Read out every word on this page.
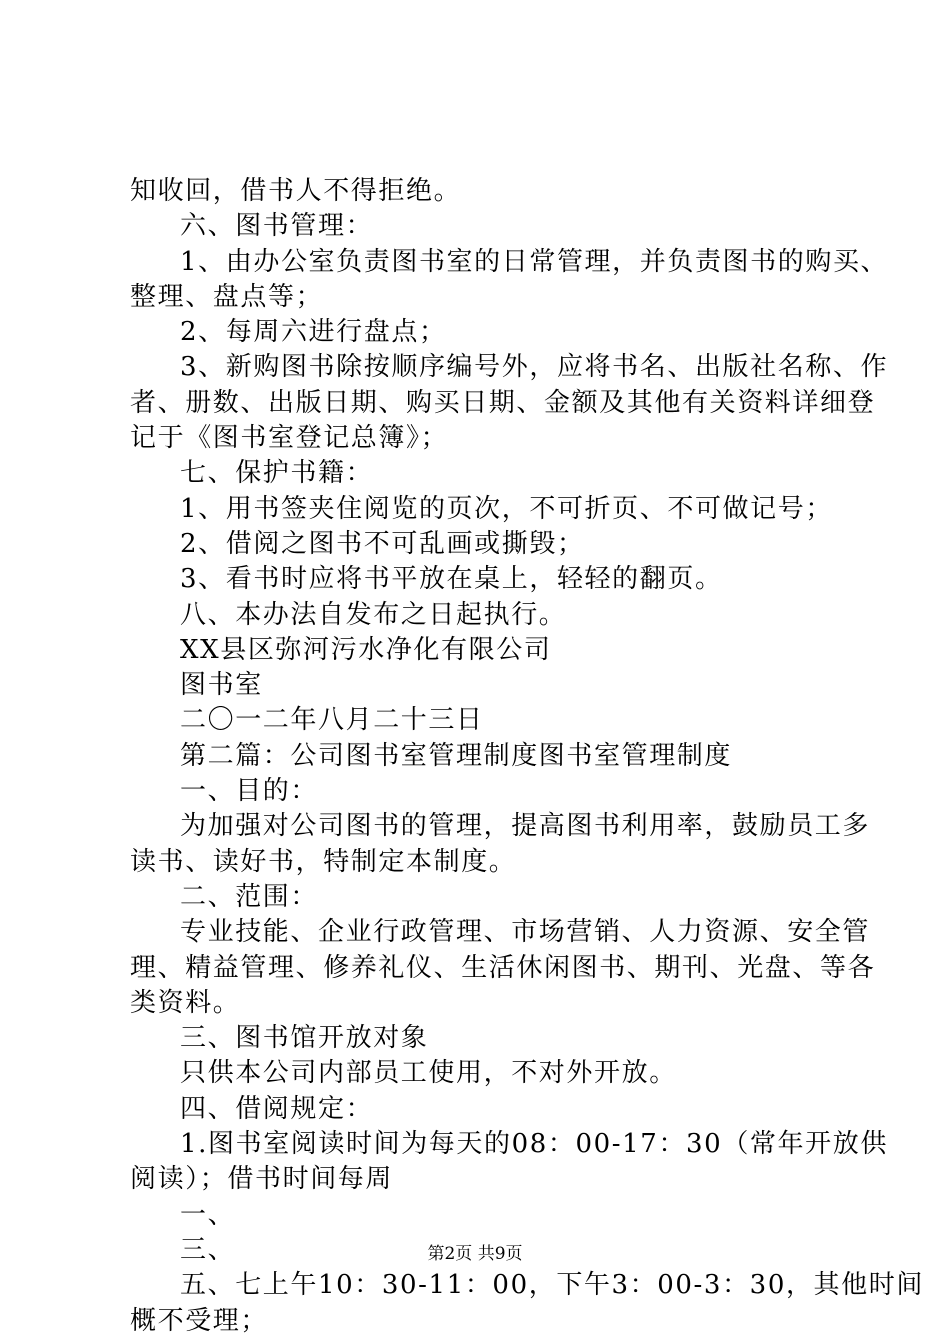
知收回，借书人不得拒绝。
六、图书管理：
1、由办公室负责图书室的日常管理，并负责图书的购买、
整理、盘点等；
2、每周六进行盘点；
3、新购图书除按顺序编号外，应将书名、出版社名称、作
者、册数、出版日期、购买日期、金额及其他有关资料详细登
记于《图书室登记总簿》；
七、保护书籍：
1、用书签夹住阅览的页次，不可折页、不可做记号；
2、借阅之图书不可乱画或撕毁；
3、看书时应将书平放在桌上，轻轻的翻页。
八、本办法自发布之日起执行。
XX县区弥河污水净化有限公司
图书室
二〇一二年八月二十三日
第二篇：公司图书室管理制度图书室管理制度
一、目的：
为加强对公司图书的管理，提高图书利用率，鼓励员工多
读书、读好书，特制定本制度。
二、范围：
专业技能、企业行政管理、市场营销、人力资源、安全管
理、精益管理、修养礼仪、生活休闲图书、期刊、光盘、等各
类资料。
三、图书馆开放对象
只供本公司内部员工使用，不对外开放。
四、借阅规定：
1.图书室阅读时间为每天的08：00-17：30（常年开放供
阅读）；借书时间每周
一、
三、
五、七上午10：30-11：00，下午3：00-3：30，其他时间
概不受理；
第2页 共9页
